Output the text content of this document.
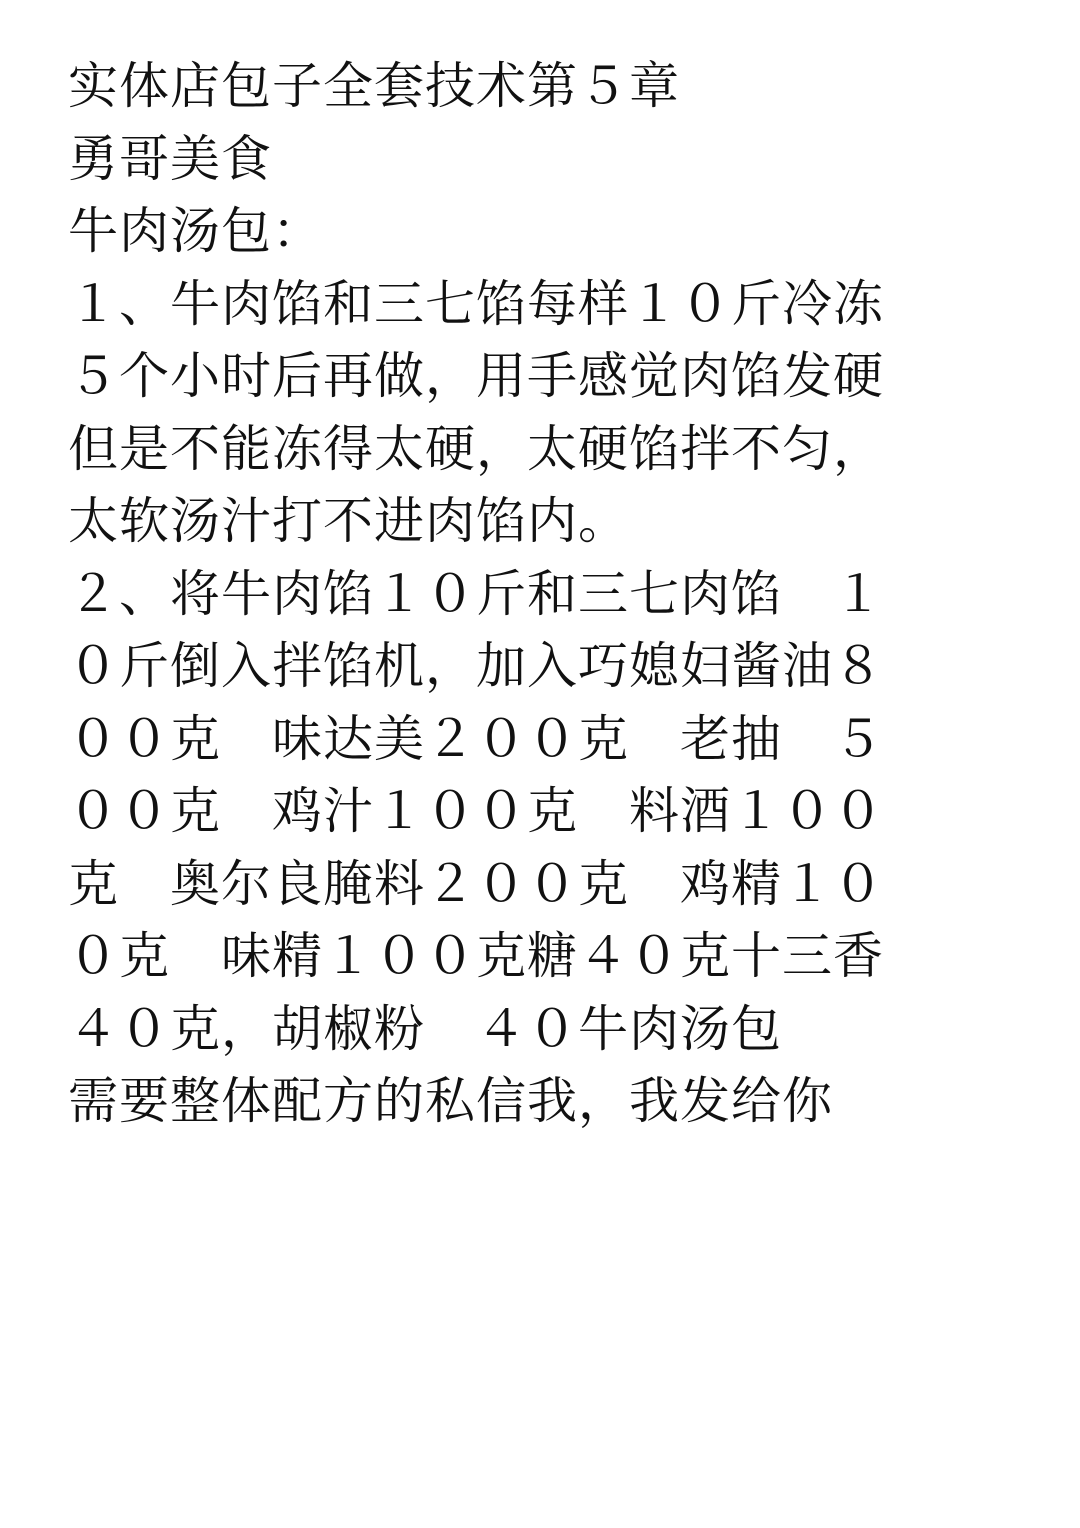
实体店包子全套技术第５章
勇哥美食
牛肉汤包：
１、牛肉馅和三七馅每样１０斤冷冻
５个小时后再做，用手感觉肉馅发硬
但是不能冻得太硬，太硬馅拌不匀，
太软汤汁打不进肉馅内。
２、将牛肉馅１０斤和三七肉馅　１
０斤倒入拌馅机，加入巧媳妇酱油８
００克　味达美２００克　老抽　５
００克　鸡汁１００克　料酒１００
克　奥尔良腌料２００克　鸡精１０
０克　味精１００克糖４０克十三香
４０克，胡椒粉　４０牛肉汤包
需要整体配方的私信我，我发给你
